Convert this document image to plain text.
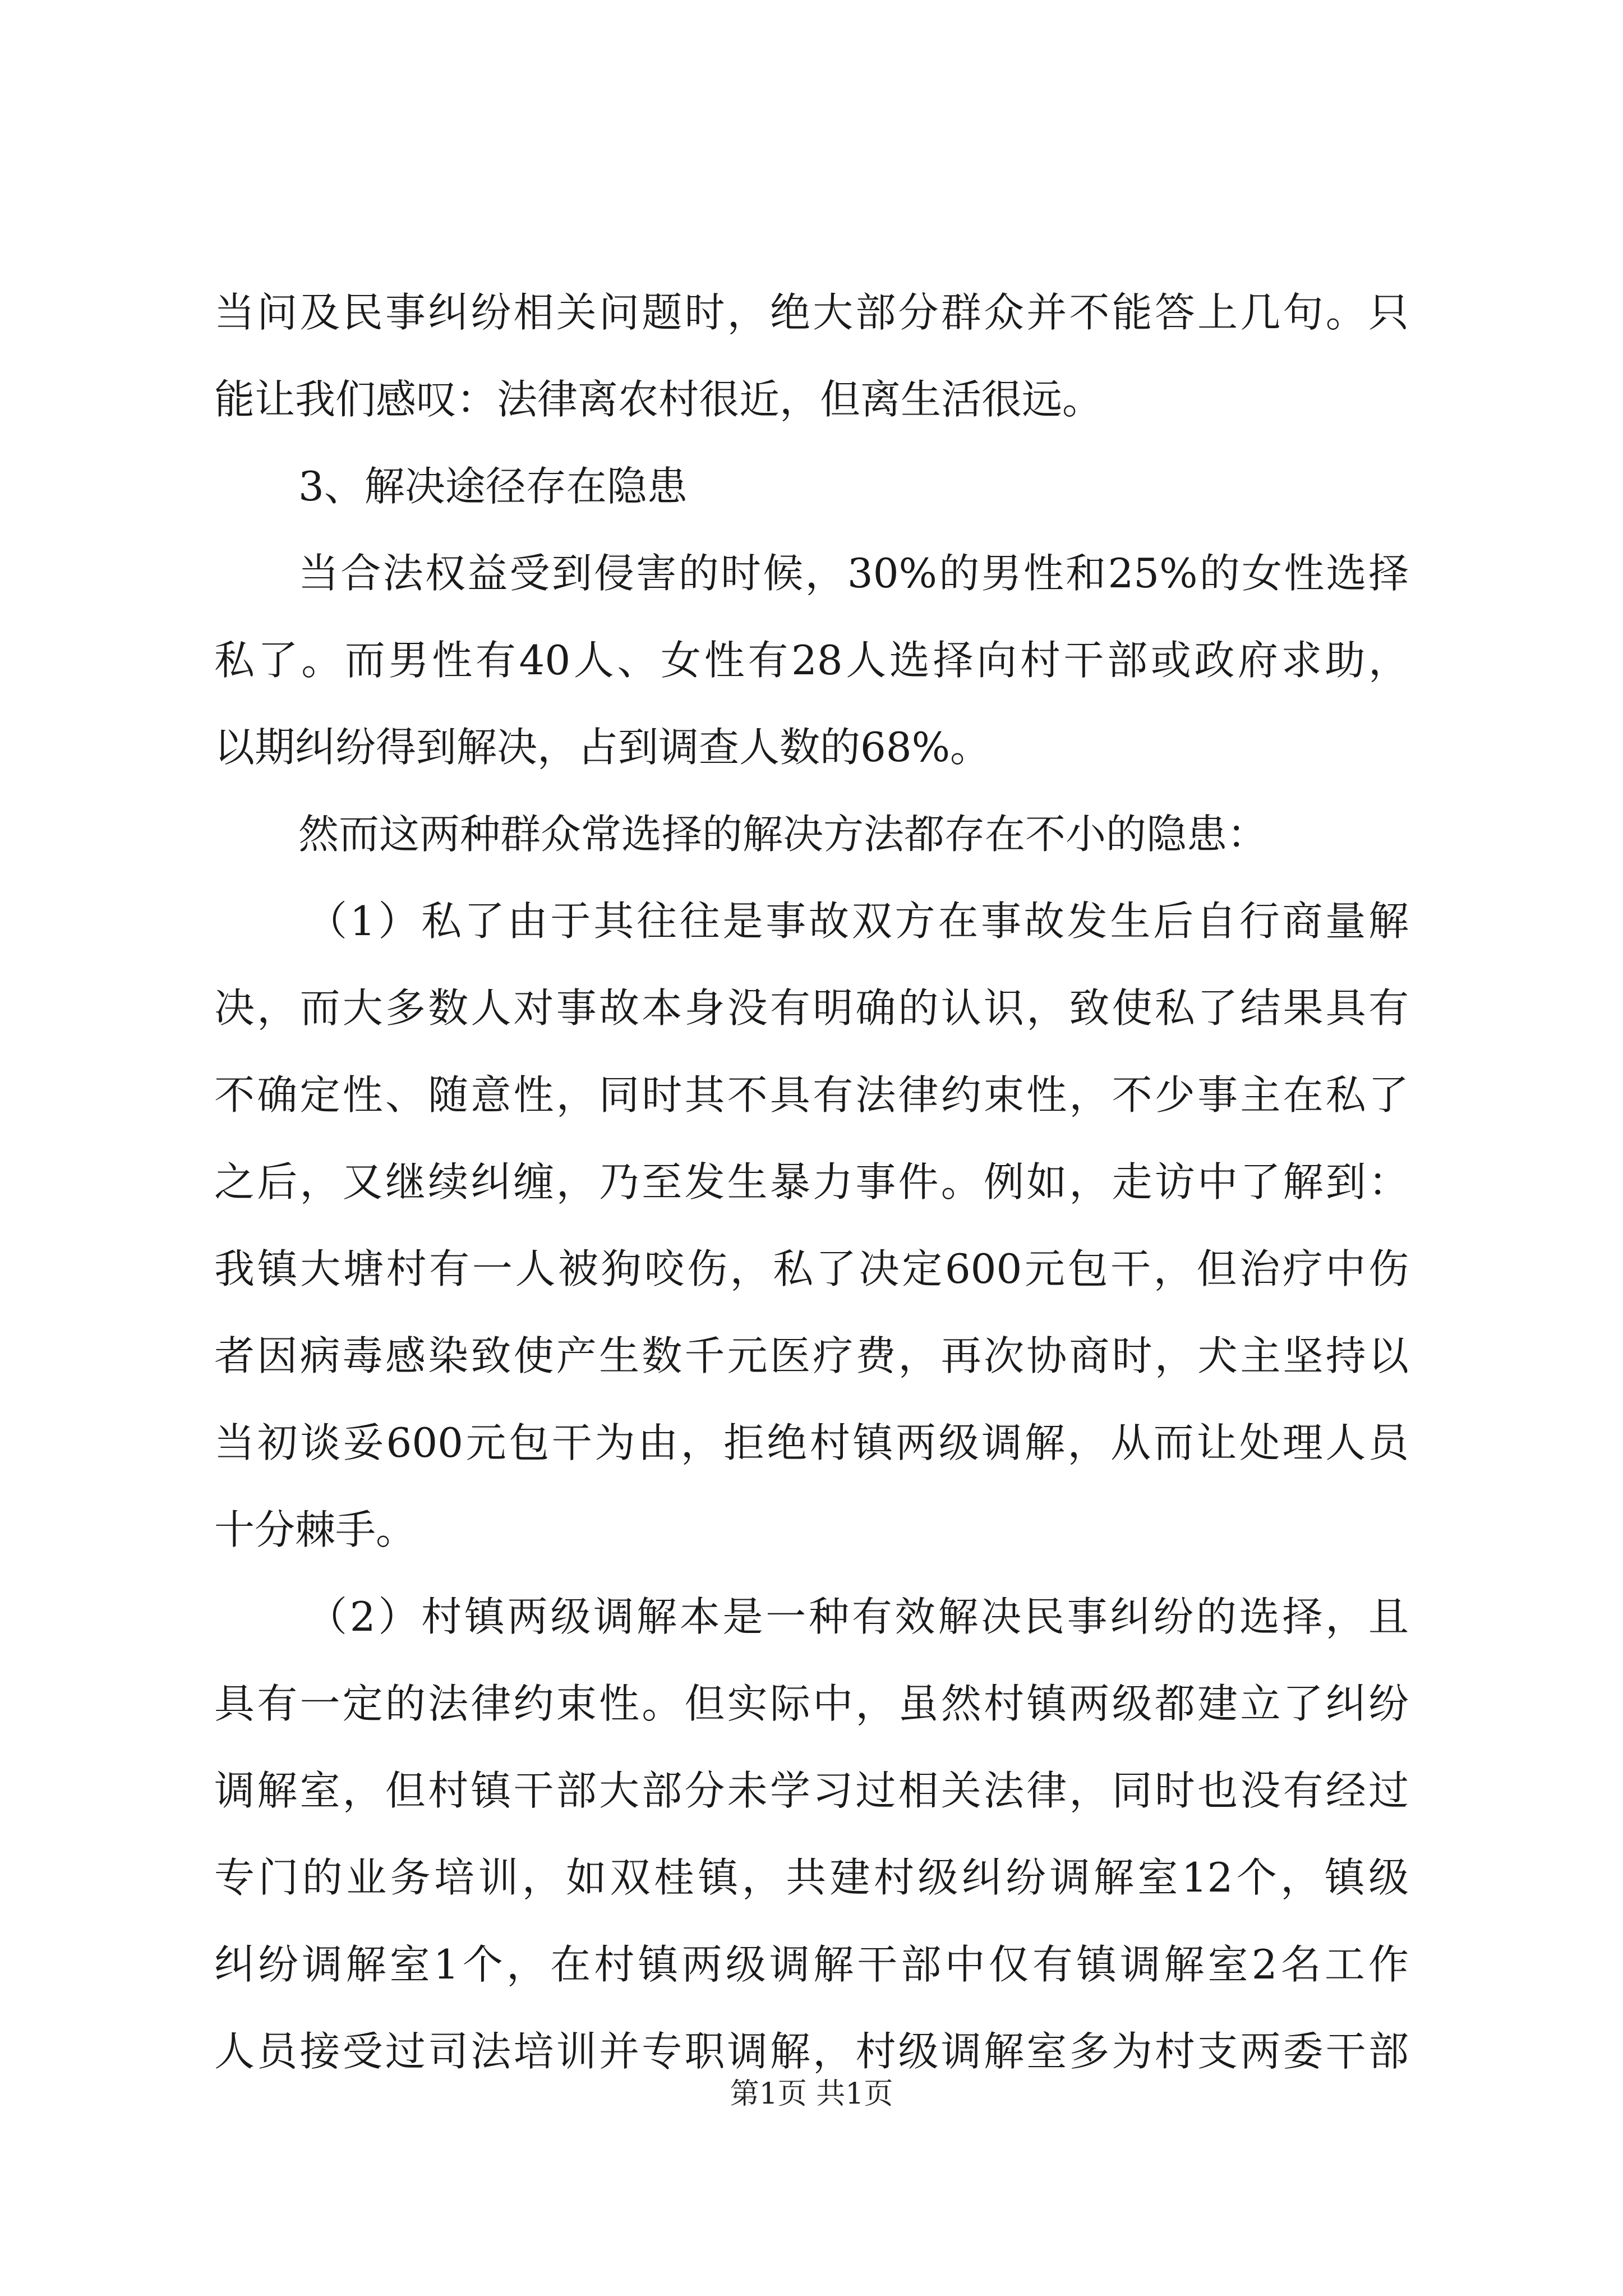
当问及民事纠纷相关问题时，绝大部分群众并不能答上几句。只
能让我们感叹：法律离农村很近，但离生活很远。
3、解决途径存在隐患
当合法权益受到侵害的时候，30%的男性和25%的女性选择
私了。而男性有40人、女性有28人选择向村干部或政府求助，
以期纠纷得到解决，占到调查人数的68%。
然而这两种群众常选择的解决方法都存在不小的隐患：
（1）私了由于其往往是事故双方在事故发生后自行商量解
决，而大多数人对事故本身没有明确的认识，致使私了结果具有
不确定性、随意性，同时其不具有法律约束性，不少事主在私了
之后，又继续纠缠，乃至发生暴力事件。例如，走访中了解到：
我镇大塘村有一人被狗咬伤，私了决定600元包干，但治疗中伤
者因病毒感染致使产生数千元医疗费，再次协商时，犬主坚持以
当初谈妥600元包干为由，拒绝村镇两级调解，从而让处理人员
十分棘手。
（2）村镇两级调解本是一种有效解决民事纠纷的选择，且
具有一定的法律约束性。但实际中，虽然村镇两级都建立了纠纷
调解室，但村镇干部大部分未学习过相关法律，同时也没有经过
专门的业务培训，如双桂镇，共建村级纠纷调解室12个，镇级
纠纷调解室1个，在村镇两级调解干部中仅有镇调解室2名工作
人员接受过司法培训并专职调解，村级调解室多为村支两委干部
第1页 共1页
